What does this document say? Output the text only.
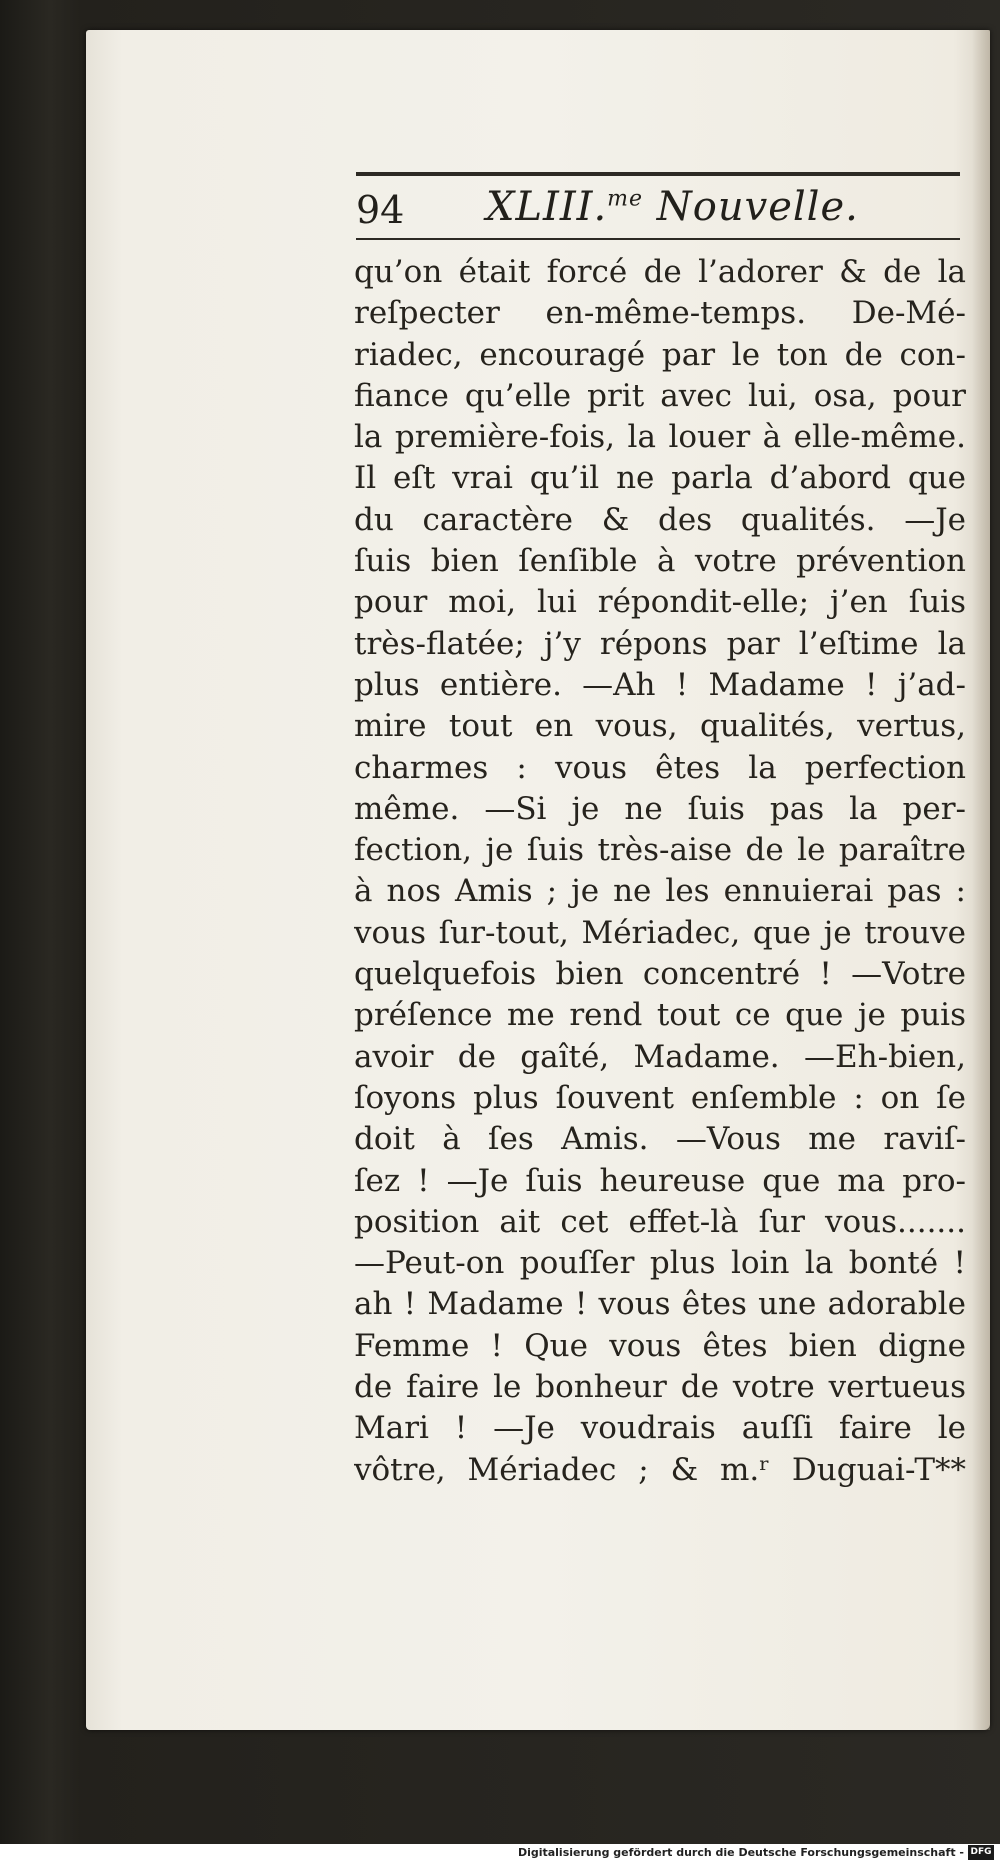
94 XLIII.$^{me}$ Nouvelle.
qu’on était forcé de l’adorer & de la
reſpeᴄter en-même-temps. De-Mé-
riadec, encouragé par le ton de con-
fiance qu’elle prit avec lui, osa, pour
la première-fois, la louer à elle-même.
Il eſt vrai qu’il ne parla d’abord que
du caractère & des qualités. —Je
ſuis bien ſenſible à votre prévention
pour moi, lui répondit-elle; j’en ſuis
très-flatée; j’y répons par l’eſtime la
plus entière. —Ah ! Madame ! j’ad-
mire tout en vous, qualités, vertus,
charmes : vous êtes la perfection
même. —Si je ne ſuis pas la per-
fection, je ſuis très-aise de le paraître
à nos Amis ; je ne les ennuierai pas :
vous ſur-tout, Mériadec, que je trouve
quelquefois bien concentré ! —Votre
préſence me rend tout ce que je puis
avoir de gaîté, Madame. —Eh-bien,
ſoyons plus ſouvent enſemble : on ſe
doit à ſes Amis. —Vous me raviſ-
ſez ! —Je ſuis heureuse que ma pro-
position ait cet effet-là ſur vous.......
—Peut-on pouſſer plus loin la bonté !
ah ! Madame ! vous êtes une adorable
Femme ! Que vous êtes bien digne
de faire le bonheur de votre vertueus
Mari ! —Je voudrais auſſi faire le
vôtre, Mériadec ; & m.ʳ Duguai-T**
Digitalisierung gefördert durch die Deutsche Forschungsgemeinschaft - DFG
